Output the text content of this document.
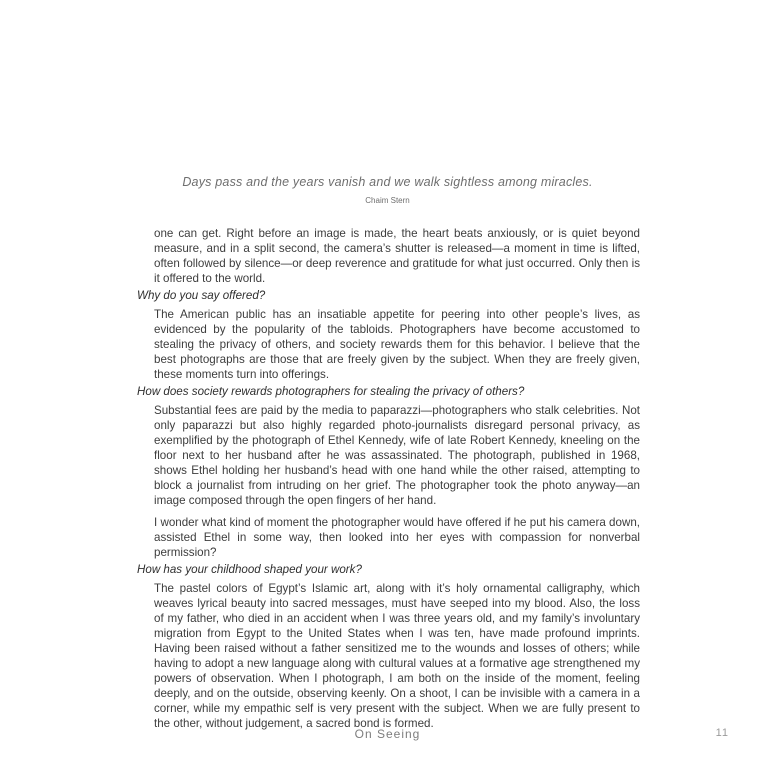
Days pass and the years vanish and we walk sightless among miracles.
Chaim Stern

one can get. Right before an image is made, the heart beats anxiously, or is quiet beyond measure, and in a split second, the camera’s shutter is released—a moment in time is lifted, often followed by silence—or deep reverence and gratitude for what just occurred. Only then is it offered to the world.

Why do you say offered?

The American public has an insatiable appetite for peering into other people’s lives, as evidenced by the popularity of the tabloids. Photographers have become accustomed to stealing the privacy of others, and society rewards them for this behavior. I believe that the best photographs are those that are freely given by the subject. When they are freely given, these moments turn into offerings.

How does society rewards photographers for stealing the privacy of others?

Substantial fees are paid by the media to paparazzi—photographers who stalk celebrities. Not only paparazzi but also highly regarded photo-journalists disregard personal privacy, as exemplified by the photograph of Ethel Kennedy, wife of late Robert Kennedy, kneeling on the floor next to her husband after he was assassinated. The photograph, published in 1968, shows Ethel holding her husband’s head with one hand while the other raised, attempting to block a journalist from intruding on her grief. The photographer took the photo anyway—an image composed through the open fingers of her hand.

I wonder what kind of moment the photographer would have offered if he put his camera down, assisted Ethel in some way, then looked into her eyes with compassion for nonverbal permission?

How has your childhood shaped your work?

The pastel colors of Egypt’s Islamic art, along with it’s holy ornamental calligraphy, which weaves lyrical beauty into sacred messages, must have seeped into my blood. Also, the loss of my father, who died in an accident when I was three years old, and my family’s involuntary migration from Egypt to the United States when I was ten, have made profound imprints. Having been raised without a father sensitized me to the wounds and losses of others; while having to adopt a new language along with cultural values at a formative age strengthened my powers of observation. When I photograph, I am both on the inside of the moment, feeling deeply, and on the outside, observing keenly. On a shoot, I can be invisible with a camera in a corner, while my empathic self is very present with the subject. When we are fully present to the other, without judgement, a sacred bond is formed.

On Seeing	11
